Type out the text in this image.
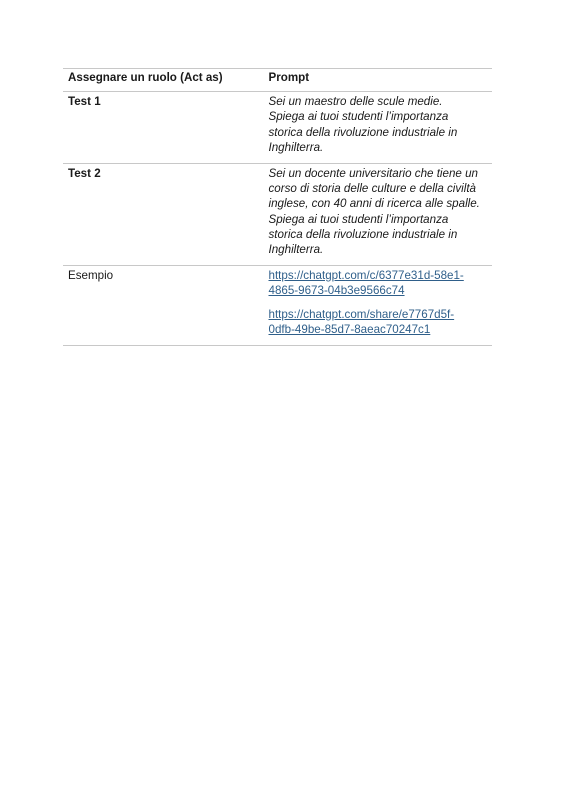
Assegnare un ruolo (Act as)	Prompt
Test 1	Sei un maestro delle scule medie. Spiega ai tuoi studenti l’importanza storica della rivoluzione industriale in Inghilterra.
Test 2	Sei un docente universitario che tiene un corso di storia delle culture e della civiltà inglese, con 40 anni di ricerca alle spalle. Spiega ai tuoi studenti l’importanza storica della rivoluzione industriale in Inghilterra.
Esempio	https://chatgpt.com/c/6377e31d-58e1-4865-9673-04b3e9566c74
https://chatgpt.com/share/e7767d5f-0dfb-49be-85d7-8aeac70247c1
